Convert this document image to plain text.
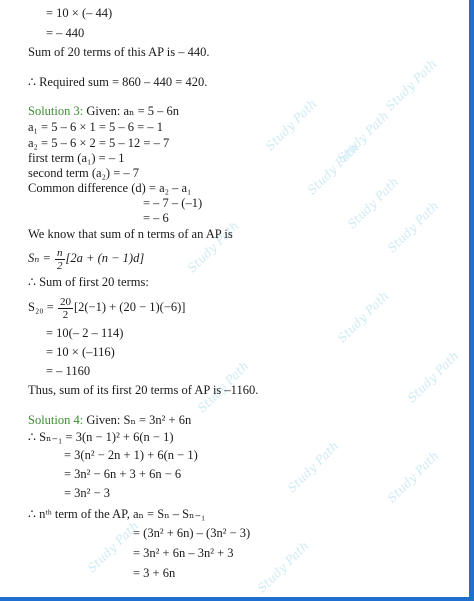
Study Path
Study Path
Study Path
Study Path
Study Path
Study Path
Study Path
Study Path
Study Path
Study Path
Study Path	Study Path
Study Path	Study Path
= 10 × (– 44)
= – 440
Sum of 20 terms of this AP is – 440.
∴ Required sum = 860 – 440 = 420.
Solution 3: Given: aₙ = 5 – 6n
a₁ = 5 – 6 × 1 = 5 – 6 = – 1
a₂ = 5 – 6 × 2 = 5 – 12 = – 7
first term (a₁) = – 1
second term (a₂) = – 7
Common difference (d) = a₂ – a₁
= – 7 – (–1)
= – 6
We know that sum of n terms of an AP is
$S_n = \frac{n}{2} [2a + (n - 1)d]$
∴ Sum of first 20 terms:
$S_{20} = \frac{20}{2} [2(-1) + (20 - 1)(-6)]$
= 10(– 2 – 114)
= 10 × (–116)
= – 1160
Thus, sum of its first 20 terms of AP is –1160.
Solution 4: Given: Sₙ = 3n² + 6n
∴ Sₙ₋₁ = 3(n − 1)² + 6(n − 1)
= 3(n² − 2n + 1) + 6(n − 1)
= 3n² − 6n + 3 + 6n − 6
= 3n² − 3
∴ nᵗʰ term of the AP, aₙ = Sₙ – Sₙ₋₁
= (3n² + 6n) – (3n² − 3)
= 3n² + 6n – 3n² + 3
= 3 + 6n
